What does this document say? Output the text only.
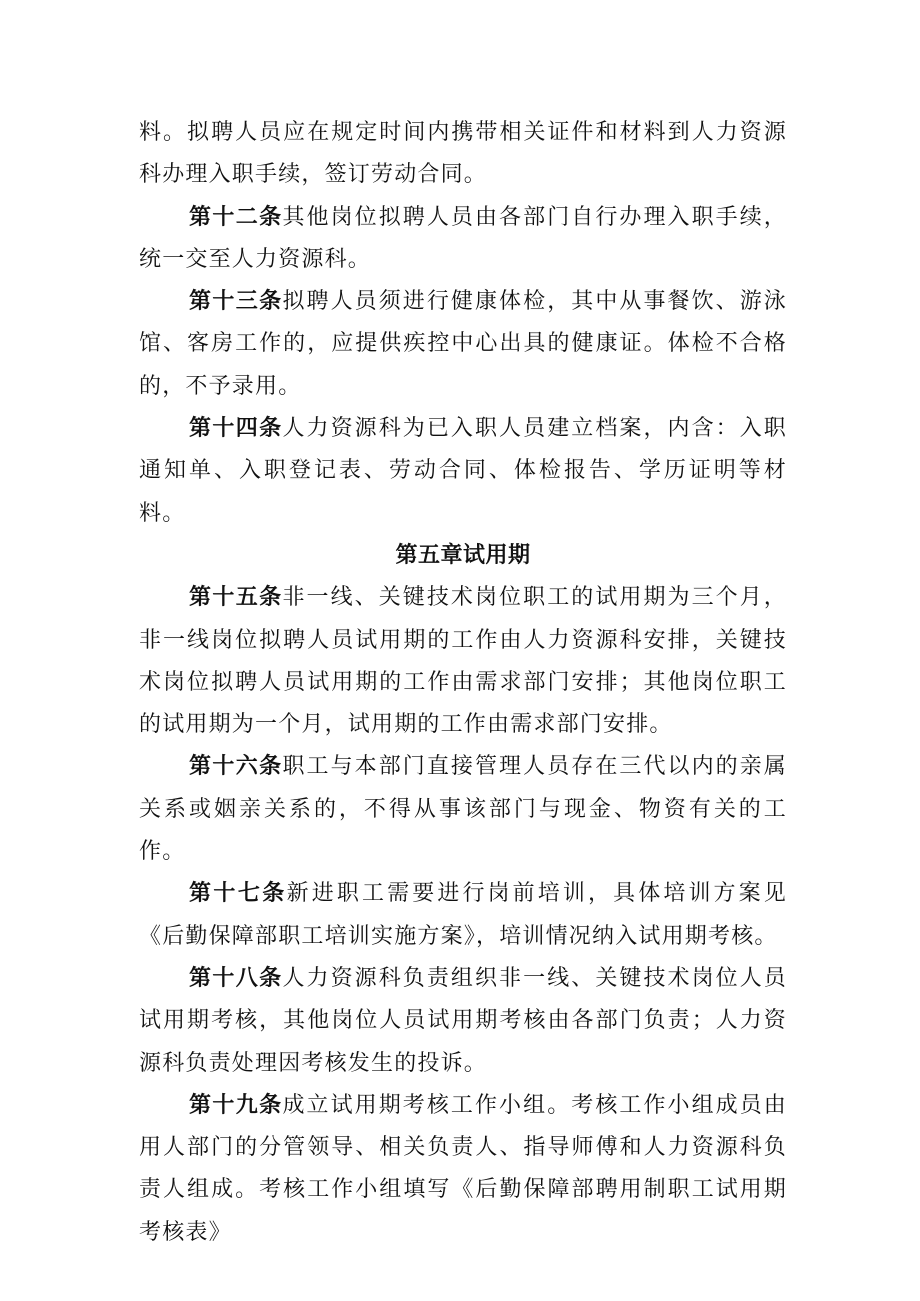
料。拟聘人员应在规定时间内携带相关证件和材料到人力资源科办理入职手续，签订劳动合同。

第十二条其他岗位拟聘人员由各部门自行办理入职手续，统一交至人力资源科。

第十三条拟聘人员须进行健康体检，其中从事餐饮、游泳馆、客房工作的，应提供疾控中心出具的健康证。体检不合格的，不予录用。

第十四条人力资源科为已入职人员建立档案，内含：入职通知单、入职登记表、劳动合同、体检报告、学历证明等材料。

第五章试用期

第十五条非一线、关键技术岗位职工的试用期为三个月，非一线岗位拟聘人员试用期的工作由人力资源科安排，关键技术岗位拟聘人员试用期的工作由需求部门安排；其他岗位职工的试用期为一个月，试用期的工作由需求部门安排。

第十六条职工与本部门直接管理人员存在三代以内的亲属关系或姻亲关系的，不得从事该部门与现金、物资有关的工作。

第十七条新进职工需要进行岗前培训，具体培训方案见《后勤保障部职工培训实施方案》，培训情况纳入试用期考核。

第十八条人力资源科负责组织非一线、关键技术岗位人员试用期考核，其他岗位人员试用期考核由各部门负责；人力资源科负责处理因考核发生的投诉。

第十九条成立试用期考核工作小组。考核工作小组成员由用人部门的分管领导、相关负责人、指导师傅和人力资源科负责人组成。考核工作小组填写《后勤保障部聘用制职工试用期考核表》
